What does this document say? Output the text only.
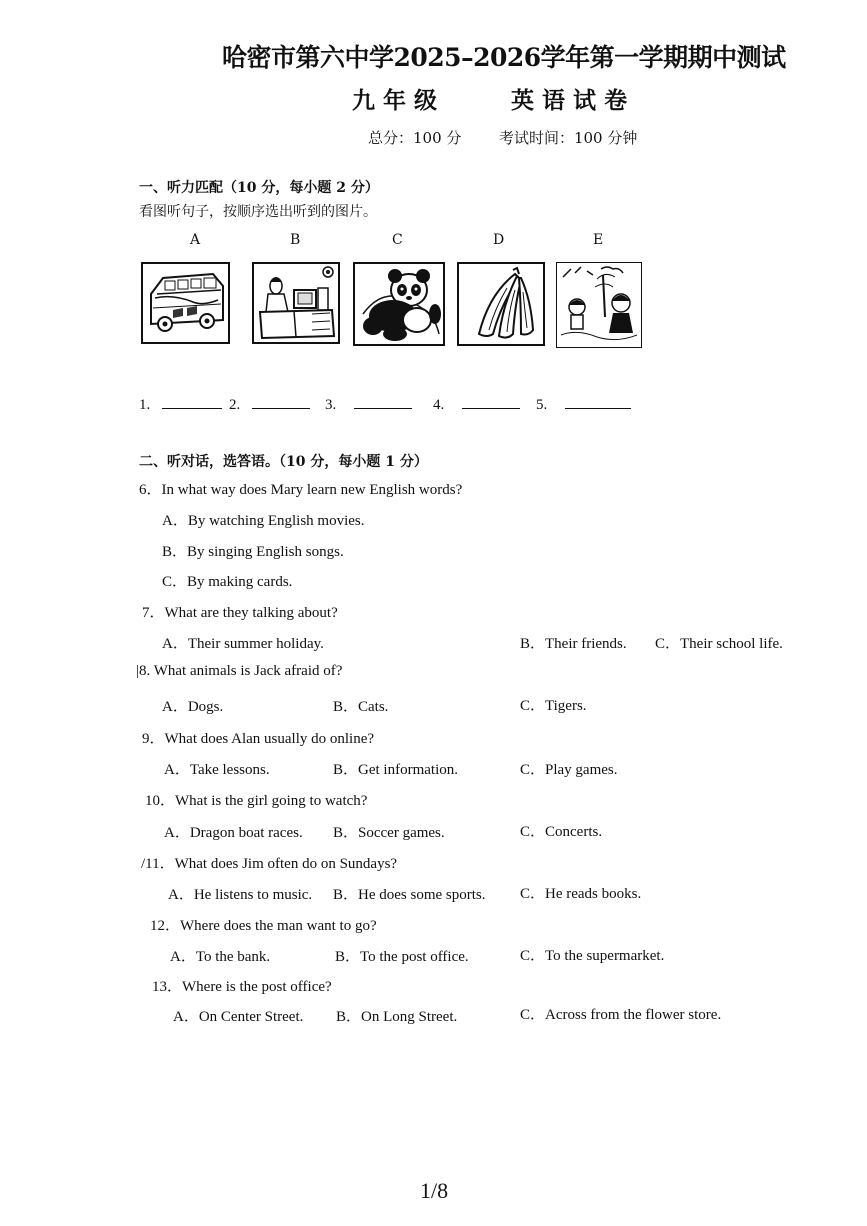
哈密市第六中学2025–2026学年第一学期期中测试
九 年 级	英 语 试 卷
总分：100 分	考试时间：100 分钟
一、听力匹配（10 分，每小题 2 分）
看图听句子，按顺序选出听到的图片。
A	B	C	D	E
1.	2.	3.	4.	5.
二、听对话，选答语。（10 分，每小题 1 分）
6．In what way does Mary learn new English words?
A．By watching English movies.
B．By singing English songs.
C．By making cards.
7．What are they talking about?
A．Their summer holiday.	B．Their friends. C．Their school life.
|8. What animals is Jack afraid of?
A．Dogs.	B．Cats.	C．Tigers.
9．What does Alan usually do online?
A．Take lessons.	B．Get information.	C．Play games.
10．What is the girl going to watch?
A．Dragon boat races. B．Soccer games.	C．Concerts.
/11．What does Jim often do on Sundays?
A．He listens to music. B．He does some sports. C．He reads books.
12．Where does the man want to go?
A．To the bank.	B．To the post office.	C．To the supermarket.
13．Where is the post office?
A．On Center Street. B．On Long Street.	C．Across from the flower store.
1/8
